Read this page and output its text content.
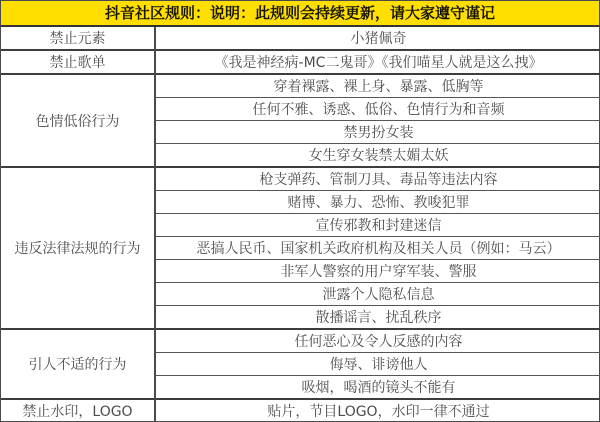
抖音社区规则：说明：此规则会持续更新，请大家遵守谨记
禁止元素	小猪佩奇
禁止歌单	《我是神经病-MC二鬼哥》《我们喵星人就是这么拽》
色情低俗行为	穿着裸露、裸上身、暴露、低胸等
	任何不雅、诱惑、低俗、色情行为和音频
	禁男扮女装
	女生穿女装禁太媚太妖
违反法律法规的行为	枪支弹药、管制刀具、毒品等违法内容
	赌博、暴力、恐怖、教唆犯罪
	宣传邪教和封建迷信
	恶搞人民币、国家机关政府机构及相关人员（例如：马云）
	非军人警察的用户穿军装、警服
	泄露个人隐私信息
	散播谣言、扰乱秩序
引人不适的行为	任何恶心及令人反感的内容
	侮辱、诽谤他人
	吸烟，喝酒的镜头不能有
禁止水印，LOGO	贴片，节目LOGO，水印一律不通过
